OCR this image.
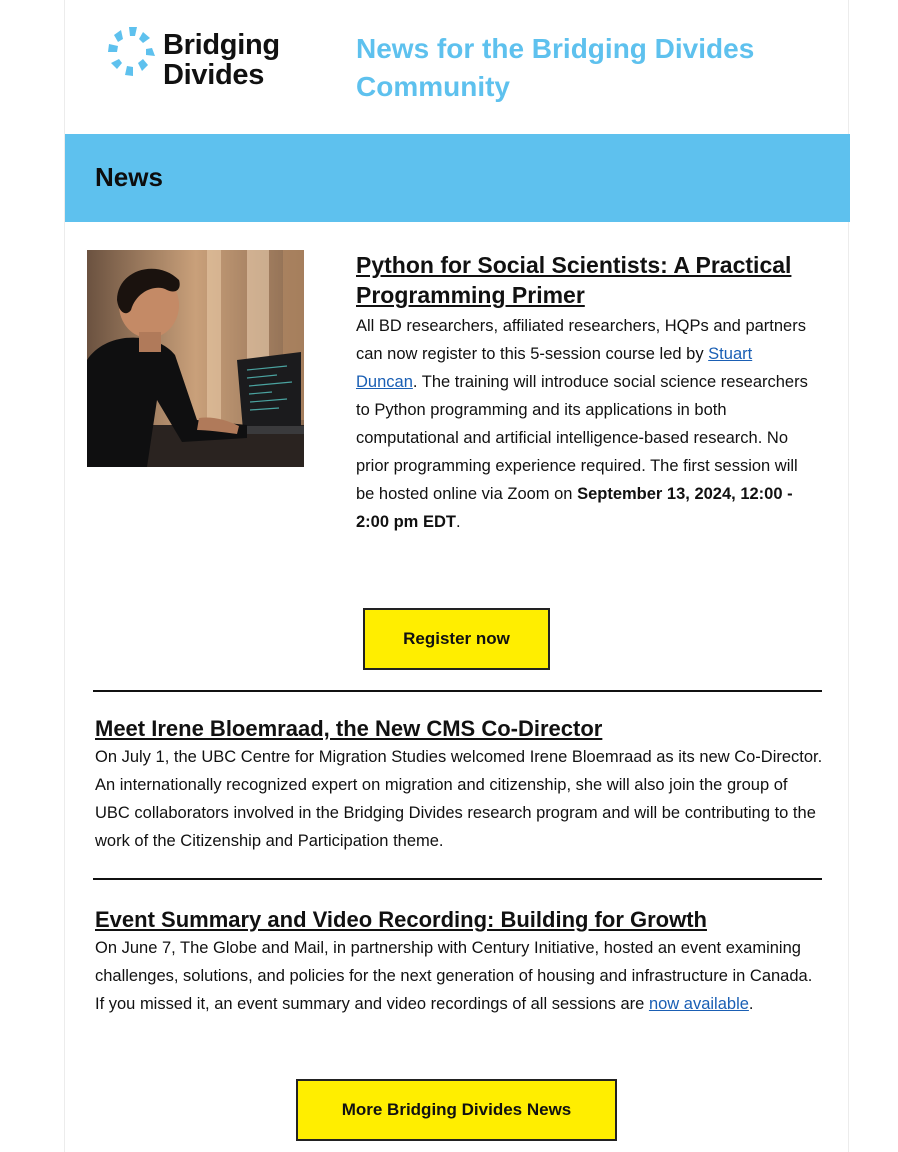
Bridging
Divides
News for the Bridging Divides Community
News
Python for Social Scientists: A Practical Programming Primer
All BD researchers, affiliated researchers, HQPs and partners can now register to this 5-session course led by Stuart Duncan. The training will introduce social science researchers to Python programming and its applications in both computational and artificial intelligence-based research. No prior programming experience required. The first session will be hosted online via Zoom on September 13, 2024, 12:00 - 2:00 pm EDT.
Register now
Meet Irene Bloemraad, the New CMS Co-Director
On July 1, the UBC Centre for Migration Studies welcomed Irene Bloemraad as its new Co-Director. An internationally recognized expert on migration and citizenship, she will also join the group of UBC collaborators involved in the Bridging Divides research program and will be contributing to the work of the Citizenship and Participation theme.
Event Summary and Video Recording: Building for Growth
On June 7, The Globe and Mail, in partnership with Century Initiative, hosted an event examining challenges, solutions, and policies for the next generation of housing and infrastructure in Canada. If you missed it, an event summary and video recordings of all sessions are now available.
More Bridging Divides News
